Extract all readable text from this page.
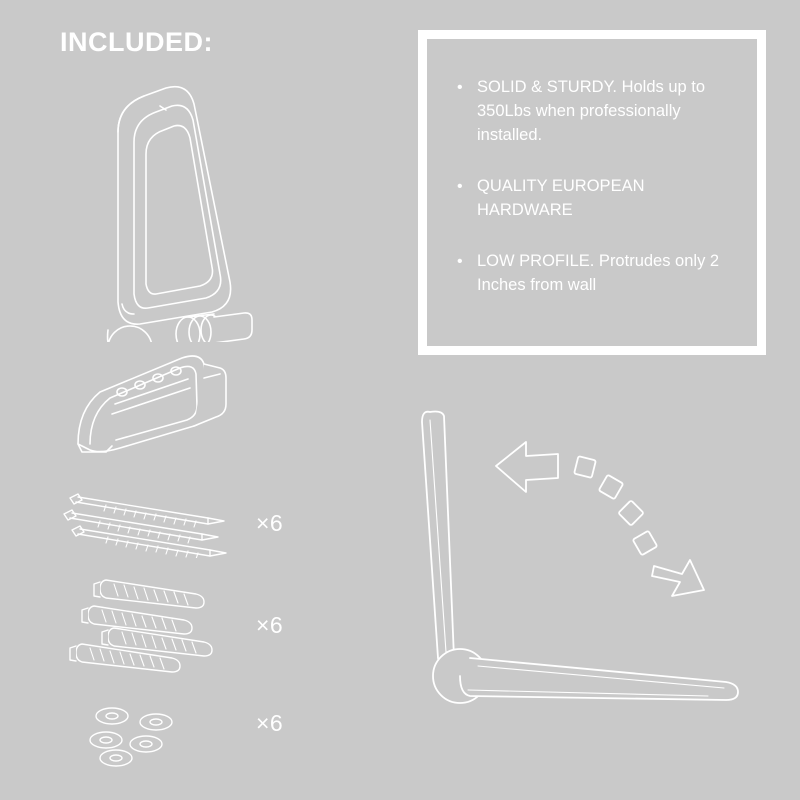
INCLUDED:
×6
×6
×6
• SOLID & STURDY. Holds up to 350Lbs when professionally installed.
• QUALITY EUROPEAN HARDWARE
• LOW PROFILE. Protrudes only 2 Inches from wall
